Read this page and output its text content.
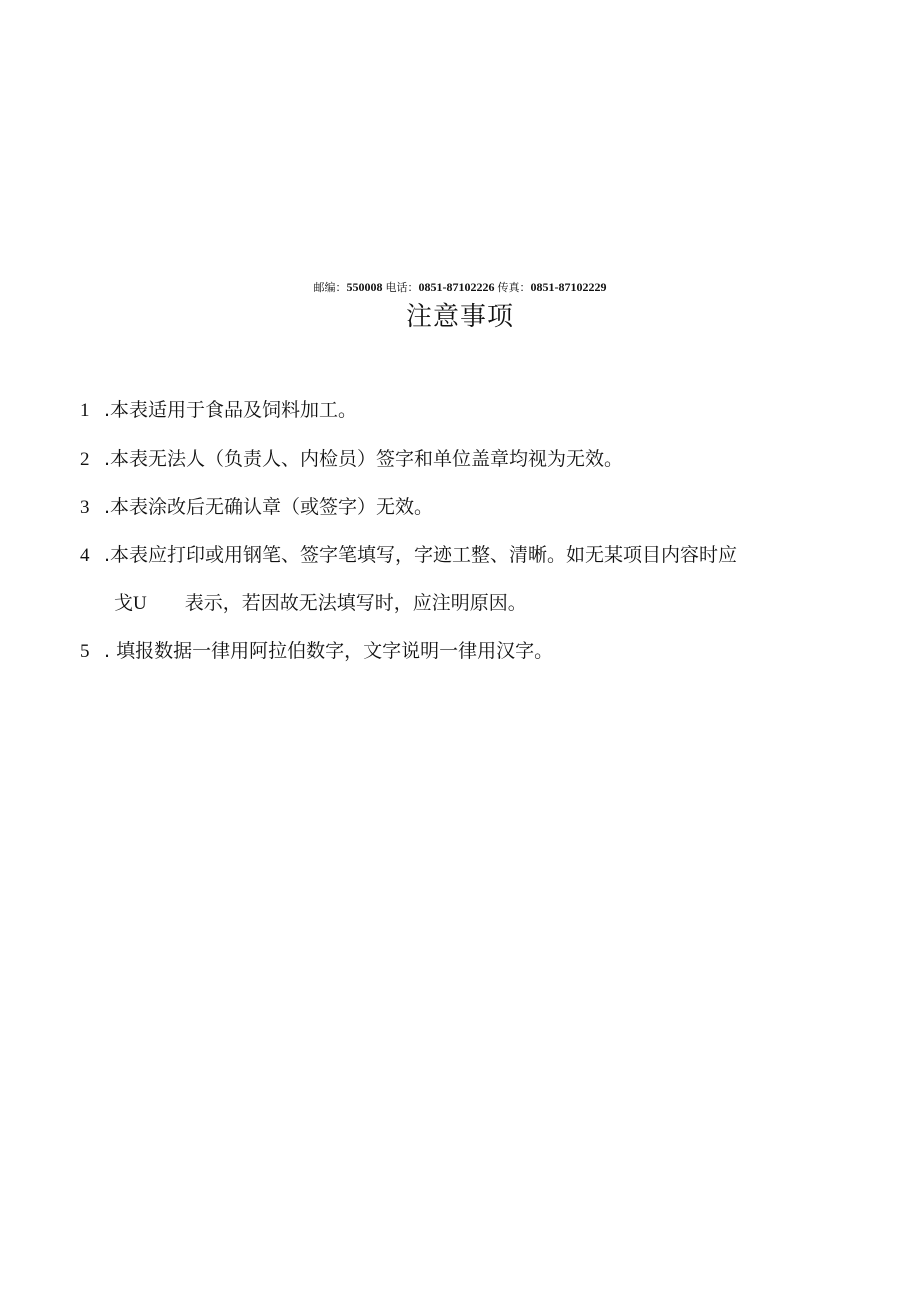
邮编：550008 电话：0851-87102226 传真：0851-87102229
注意事项
1 .本表适用于食品及饲料加工。
2 .本表无法人（负责人、内检员）签字和单位盖章均视为无效。
3 .本表涂改后无确认章（或签字）无效。
4 .本表应打印或用钢笔、签字笔填写，字迹工整、清晰。如无某项目内容时应
戈U 表示，若因故无法填写时，应注明原因。
5 . 填报数据一律用阿拉伯数字，文字说明一律用汉字。
